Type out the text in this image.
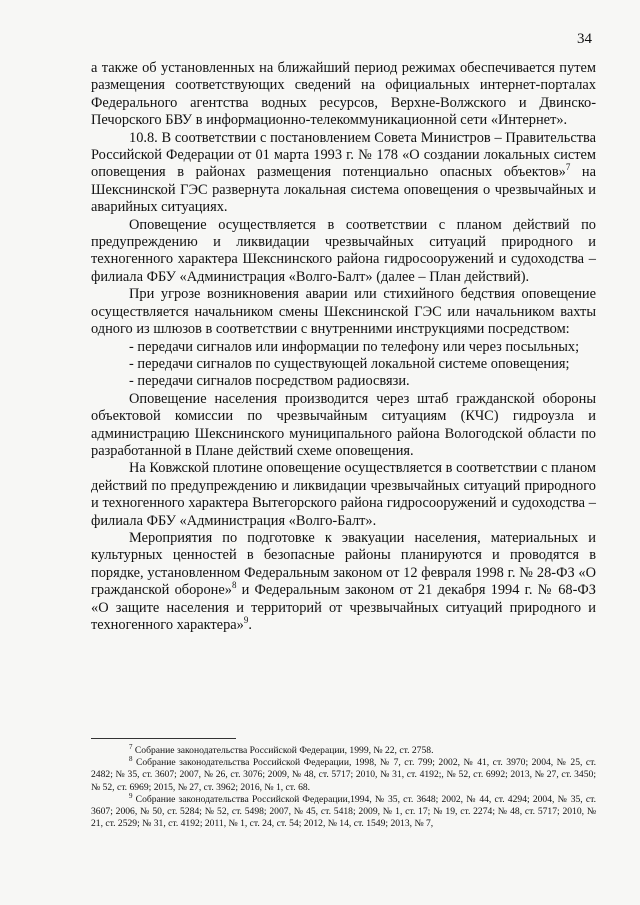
34

а также об установленных на ближайший период режимах обеспечивается путем размещения соответствующих сведений на официальных интернет-порталах Федерального агентства водных ресурсов, Верхне-Волжского и Двинско-Печорского БВУ в информационно-телекоммуникационной сети «Интернет».

10.8. В соответствии с постановлением Совета Министров – Правительства Российской Федерации от 01 марта 1993 г. № 178 «О создании локальных систем оповещения в районах размещения потенциально опасных объектов»$^7$ на Шекснинской ГЭС развернута локальная система оповещения о чрезвычайных и аварийных ситуациях.

Оповещение осуществляется в соответствии с планом действий по предупреждению и ликвидации чрезвычайных ситуаций природного и техногенного характера Шекснинского района гидросооружений и судоходства – филиала ФБУ «Администрация «Волго-Балт» (далее – План действий).

При угрозе возникновения аварии или стихийного бедствия оповещение осуществляется начальником смены Шекснинской ГЭС или начальником вахты одного из шлюзов в соответствии с внутренними инструкциями посредством:

- передачи сигналов или информации по телефону или через посыльных;

- передачи сигналов по существующей локальной системе оповещения;

- передачи сигналов посредством радиосвязи.

Оповещение населения производится через штаб гражданской обороны объектовой комиссии по чрезвычайным ситуациям (КЧС) гидроузла и администрацию Шекснинского муниципального района Вологодской области по разработанной в Плане действий схеме оповещения.

На Ковжской плотине оповещение осуществляется в соответствии с планом действий по предупреждению и ликвидации чрезвычайных ситуаций природного и техногенного характера Вытегорского района гидросооружений и судоходства – филиала ФБУ «Администрация «Волго-Балт».

Мероприятия по подготовке к эвакуации населения, материальных и культурных ценностей в безопасные районы планируются и проводятся в порядке, установленном Федеральным законом от 12 февраля 1998 г. № 28-ФЗ «О гражданской обороне»$^8$ и Федеральным законом от 21 декабря 1994 г. № 68-ФЗ «О защите населения и территорий от чрезвычайных ситуаций природного и техногенного характера»$^9$.

$^7$ Собрание законодательства Российской Федерации, 1999, № 22, ст. 2758.

$^8$ Собрание законодательства Российской Федерации, 1998, № 7, ст. 799; 2002, № 41, ст. 3970; 2004, № 25, ст. 2482; № 35, ст. 3607; 2007, № 26, ст. 3076; 2009, № 48, ст. 5717; 2010, № 31, ст. 4192;, № 52, ст. 6992; 2013, № 27, ст. 3450; № 52, ст. 6969; 2015, № 27, ст. 3962; 2016, № 1, ст. 68.

$^9$ Собрание законодательства Российской Федерации,1994, № 35, ст. 3648; 2002, № 44, ст. 4294; 2004, № 35, ст. 3607; 2006, № 50, ст. 5284; № 52, ст. 5498; 2007, № 45, ст. 5418; 2009, № 1, ст. 17; № 19, ст. 2274; № 48, ст. 5717; 2010, № 21, ст. 2529; № 31, ст. 4192; 2011, № 1, ст. 24, ст. 54; 2012, № 14, ст. 1549; 2013, № 7,
